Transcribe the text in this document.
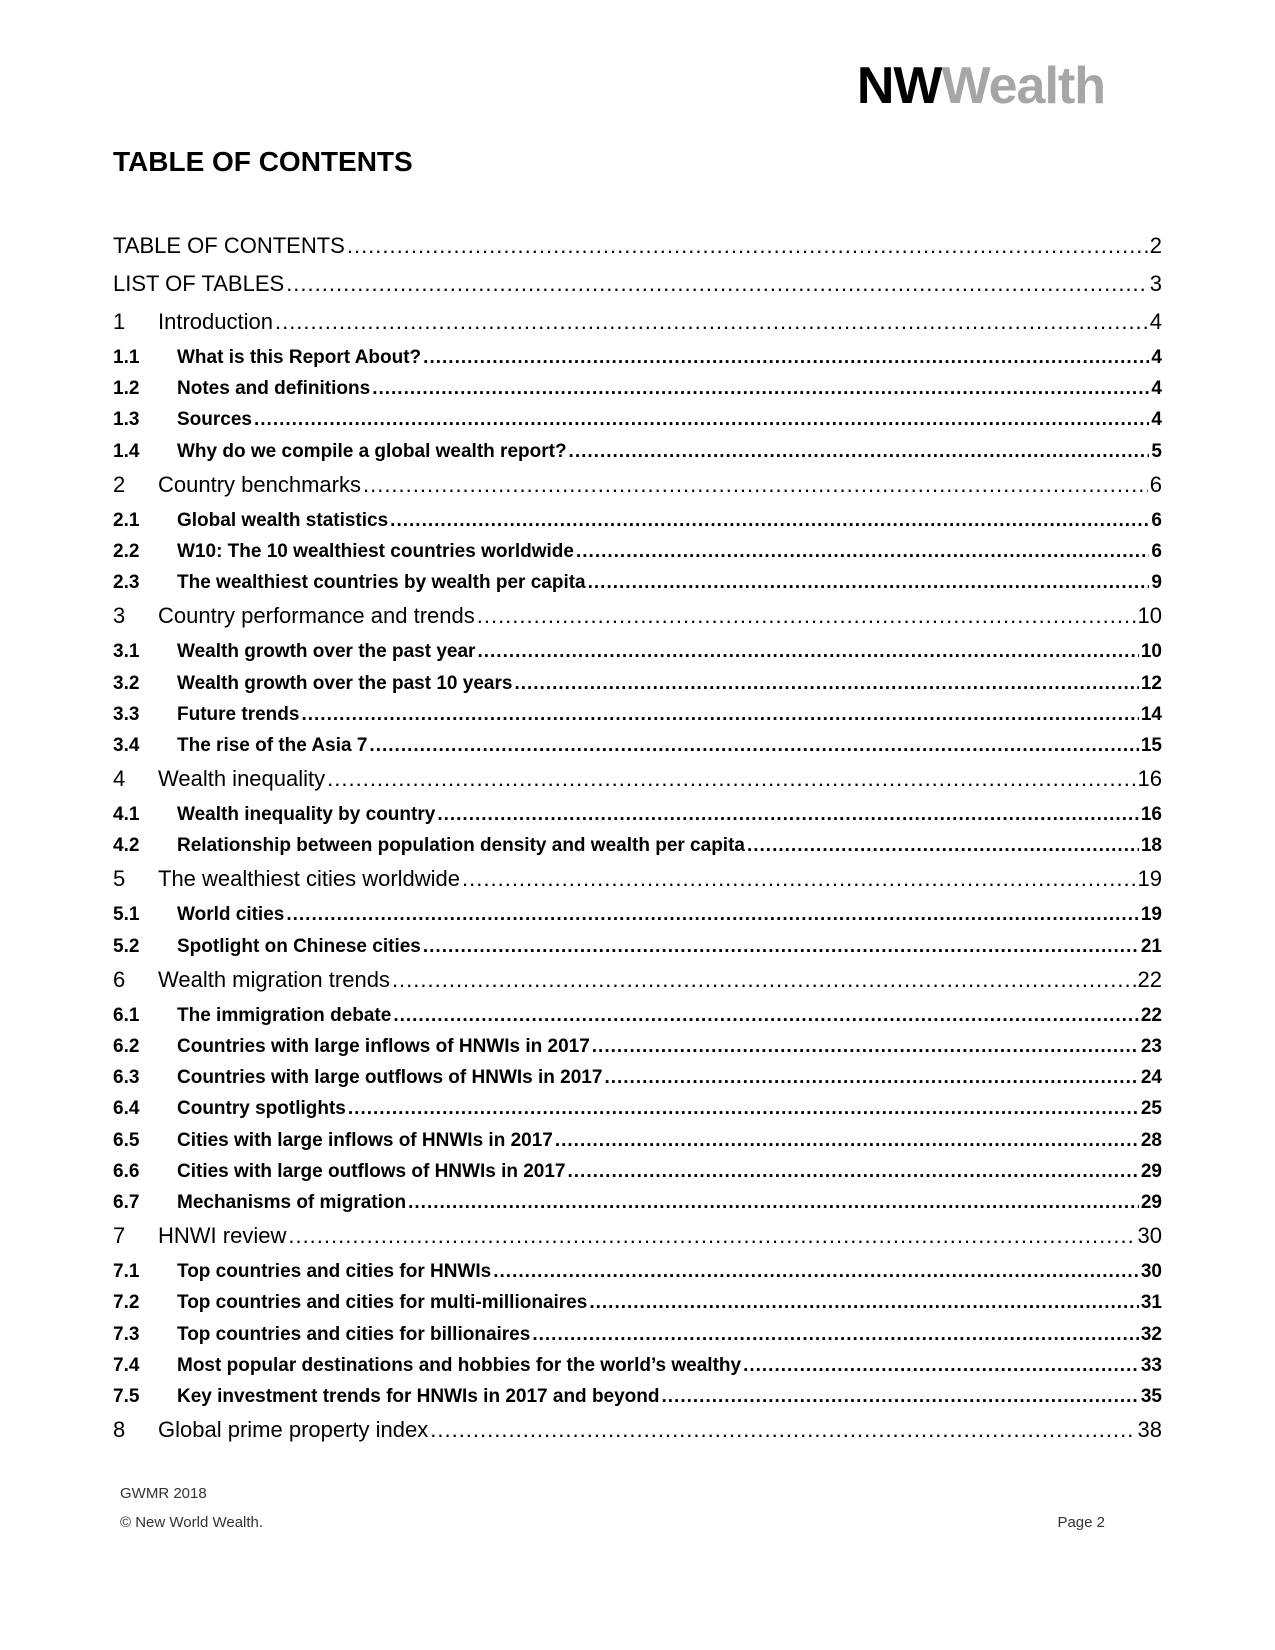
NWWealth
TABLE OF CONTENTS
TABLE OF CONTENTS .....	2
LIST OF TABLES .....	3
1	Introduction .....	4
1.1	What is this Report About? .....	4
1.2	Notes and definitions .....	4
1.3	Sources .....	4
1.4	Why do we compile a global wealth report? .....	5
2	Country benchmarks .....	6
2.1	Global wealth statistics .....	6
2.2	W10: The 10 wealthiest countries worldwide .....	6
2.3	The wealthiest countries by wealth per capita .....	9
3	Country performance and trends .....	10
3.1	Wealth growth over the past year .....	10
3.2	Wealth growth over the past 10 years .....	12
3.3	Future trends .....	14
3.4	The rise of the Asia 7 .....	15
4	Wealth inequality .....	16
4.1	Wealth inequality by country .....	16
4.2	Relationship between population density and wealth per capita .....	18
5	The wealthiest cities worldwide .....	19
5.1	World cities .....	19
5.2	Spotlight on Chinese cities .....	21
6	Wealth migration trends .....	22
6.1	The immigration debate .....	22
6.2	Countries with large inflows of HNWIs in 2017 .....	23
6.3	Countries with large outflows of HNWIs in 2017 .....	24
6.4	Country spotlights .....	25
6.5	Cities with large inflows of HNWIs in 2017 .....	28
6.6	Cities with large outflows of HNWIs in 2017 .....	29
6.7	Mechanisms of migration .....	29
7	HNWI review .....	30
7.1	Top countries and cities for HNWIs .....	30
7.2	Top countries and cities for multi-millionaires .....	31
7.3	Top countries and cities for billionaires .....	32
7.4	Most popular destinations and hobbies for the world’s wealthy .....	33
7.5	Key investment trends for HNWIs in 2017 and beyond .....	35
8	Global prime property index .....	38
GWMR 2018
© New World Wealth.	Page 2
